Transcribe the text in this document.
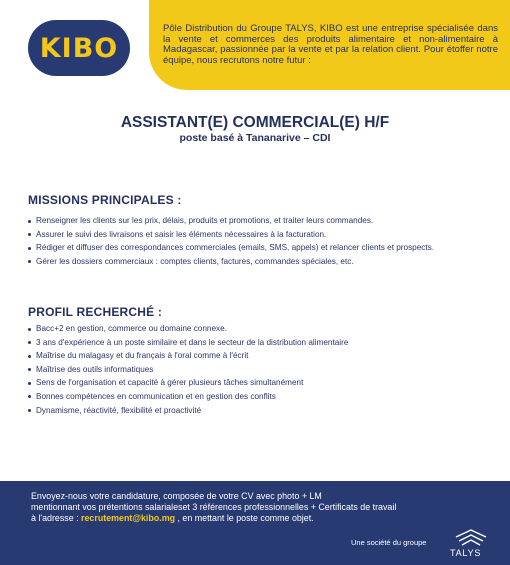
KIBO
Pôle Distribution du Groupe TALYS, KIBO est une entreprise spécialisée dans la vente et commerces des produits alimentaire et non-alimentaire à Madagascar, passionnée par la vente et par la relation client. Pour étoffer notre équipe, nous recrutons notre futur :
ASSISTANT(E) COMMERCIAL(E) H/F
poste basé à Tananarive – CDI
MISSIONS PRINCIPALES :
Renseigner les clients sur les prix, délais, produits et promotions, et traiter leurs commandes.
Assurer le suivi des livraisons et saisir les éléments nécessaires à la facturation.
Rédiger et diffuser des correspondances commerciales (emails, SMS, appels) et relancer clients et prospects.
Gérer les dossiers commerciaux : comptes clients, factures, commandes spéciales, etc.
PROFIL RECHERCHÉ :
Bacc+2 en gestion, commerce ou domaine connexe.
3 ans d'expérience à un poste similaire et dans le secteur de la distribution alimentaire
Maîtrise du malagasy et du français à l'oral comme à l'écrit
Maîtrise des outils informatiques
Sens de l'organisation et capacité à gérer plusieurs tâches simultanément
Bonnes compétences en communication et en gestion des conflits
Dynamisme, réactivité, flexibilité et proactivité
Envoyez-nous votre candidature, composée de votre CV avec photo + LM
mentionnant vos prétentions salarialeset 3 références professionnelles + Certificats de travail
à l'adresse : recrutement@kibo.mg , en mettant le poste comme objet.
Une société du groupe
TALYS
